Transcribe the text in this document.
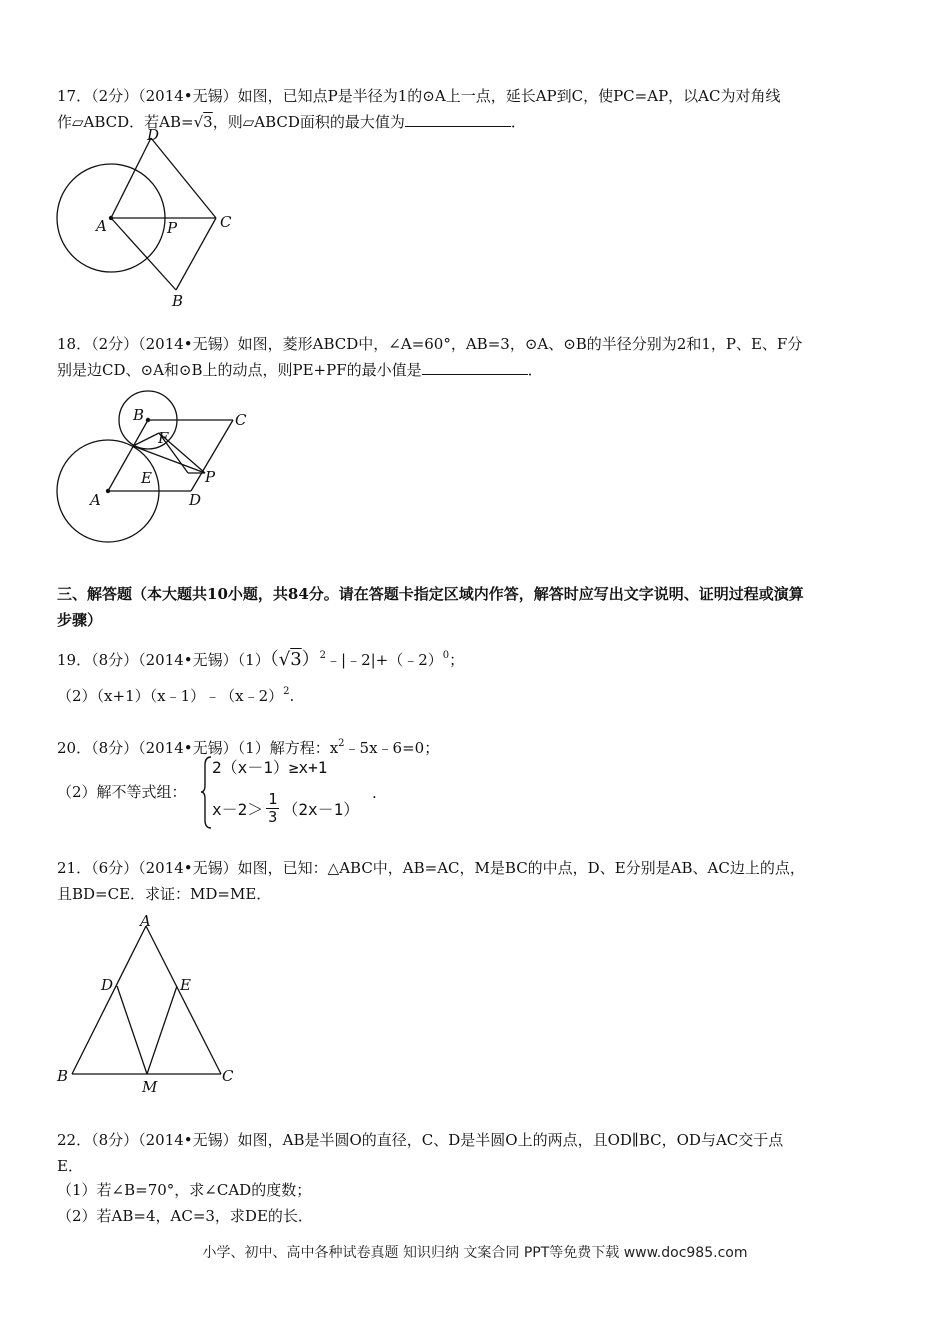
17．（2分）（2014•无锡）如图，已知点P是半径为1的⊙A上一点，延长AP到C，使PC=AP，以AC为对角线
作▱ABCD．若AB=√3，则▱ABCD面积的最大值为	．
D
A	P	C
B
18．（2分）（2014•无锡）如图，菱形ABCD中，∠A=60°，AB=3，⊙A、⊙B的半径分别为2和1，P、E、F分
别是边CD、⊙A和⊙B上的动点，则PE+PF的最小值是	．
B	C
F
E	P
A	D
三、解答题（本大题共10小题，共84分。请在答题卡指定区域内作答，解答时应写出文字说明、证明过程或演算
步骤）
19．（8分）（2014•无锡）$(1)(√3)^2﹣|﹣2|+(﹣2)^0$；
（2）（x+1）（x﹣1）﹣（x﹣2）$^2$.
20．（8分）（2014•无锡）（1）解方程：$x^2﹣5x﹣6=0$；
（2）解不等式组：
2（x－1）≥x+1
$x-2> \frac{1}{3} (2x-1)$
.
21．（6分）（2014•无锡）如图，已知：△ABC中，AB=AC，M是BC的中点，D、E分别是AB、AC边上的点，
且BD=CE．求证：MD=ME．
A
D	E
B	C
M
22．（8分）（2014•无锡）如图，AB是半圆O的直径，C、D是半圆O上的两点，且OD∥BC，OD与AC交于点
E．
（1）若∠B=70°，求∠CAD的度数；
（2）若AB=4，AC=3，求DE的长．
小学、初中、高中各种试卷真题 知识归纳 文案合同 PPT等免费下载 www.doc985.com
